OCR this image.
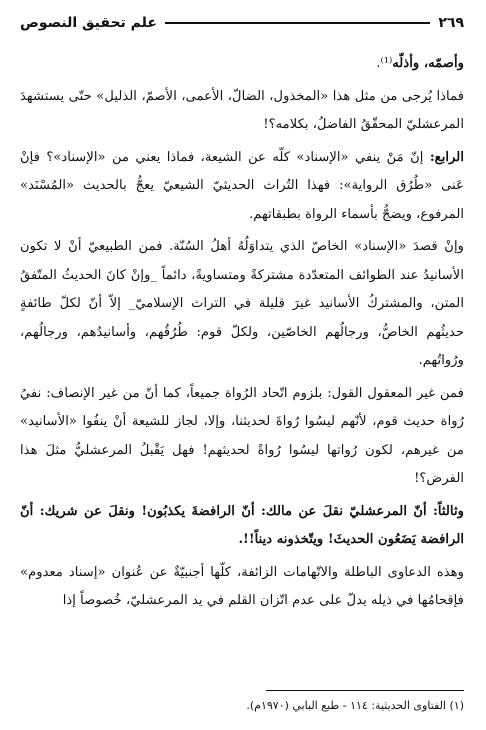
٢٦٩
علم تحقيق النصوص

وأصمّه، وأذلّه⁽¹⁾.

فماذا يُرجى من مثل هذا «المخذول، الضالّ، الأعمى، الأصمّ، الذليل» حتّى يستشهدَ المرعشليّ المحقّقُ الفاضلُ، بكلامه؟!

الرابع: إنّ مَنْ ينفي «الإسناد» كلّه عن الشيعة، فماذا يعني من «الإسناد»؟ فإنْ عَنى «طُرُق الرواية»: فهذا التُراث الحديثيّ الشيعيّ يعجُّ بالحديث «المُسْنَد» المرفوع، ويضجُّ بأسماء الرواة بطبقاتهم.

وإنْ قصدَ «الإسناد» الخاصّ الذي يتداوَلُهُ أهلُ السُنّة. فمن الطبيعيّ أنْ لا تكون الأسانيدُ عند الطوائف المتعدّدة مشتركةً ومتساويةً، دائماً _وإنْ كانَ الحديثُ المتّفقُ المتن، والمشتركُ الأسانيد غيرَ قليلة في التراث الإسلاميّ_ إلاّ أنّ لكلّ طائفةٍ حديثُهم الخاصُّ، ورجالُهم الخاصّين، ولكلّ قوم: طُرُقُهم، وأسانيدُهم، ورجالُهم، ورُواتُهم.

فمن غير المعقول القول: بلزوم اتّحاد الرُواة جميعاً، كما أنّ من غير الإنصاف: نفيُ رُواة حديث قوم، لأنّهم ليسُوا رُواةَ لحديثنا، وإلا، لجاز للشيعة أنْ ينفُوا «الأسانيد» من غيرهم، لكون رُواتها ليسُوا رُواةً لحديثهم! فهل يَقْبلُ المرعشليُّ مثلَ هذا الفرض؟!

وثالثاً: أنّ المرعشليّ نقلَ عن مالك: أنّ الرافضةَ يكذبُون! ونقلَ عن شريك: أنّ الرافضة يَضَعُون الحديثَ! ويتّخذونه ديناً!!.

وهذه الدعاوى الباطلة والاتّهامات الزائفة، كلّها أجنبيّةٌ عن عُنوان «إسناد معدوم» فإقحامُها في ذيله يدلّ على عدم اتّزان القلم في يد المرعشليّ، خُصوصاً إذا

(١) الفتاوى الحديثية: ١١٤ - طبع البابي (١٩٧٠م).
